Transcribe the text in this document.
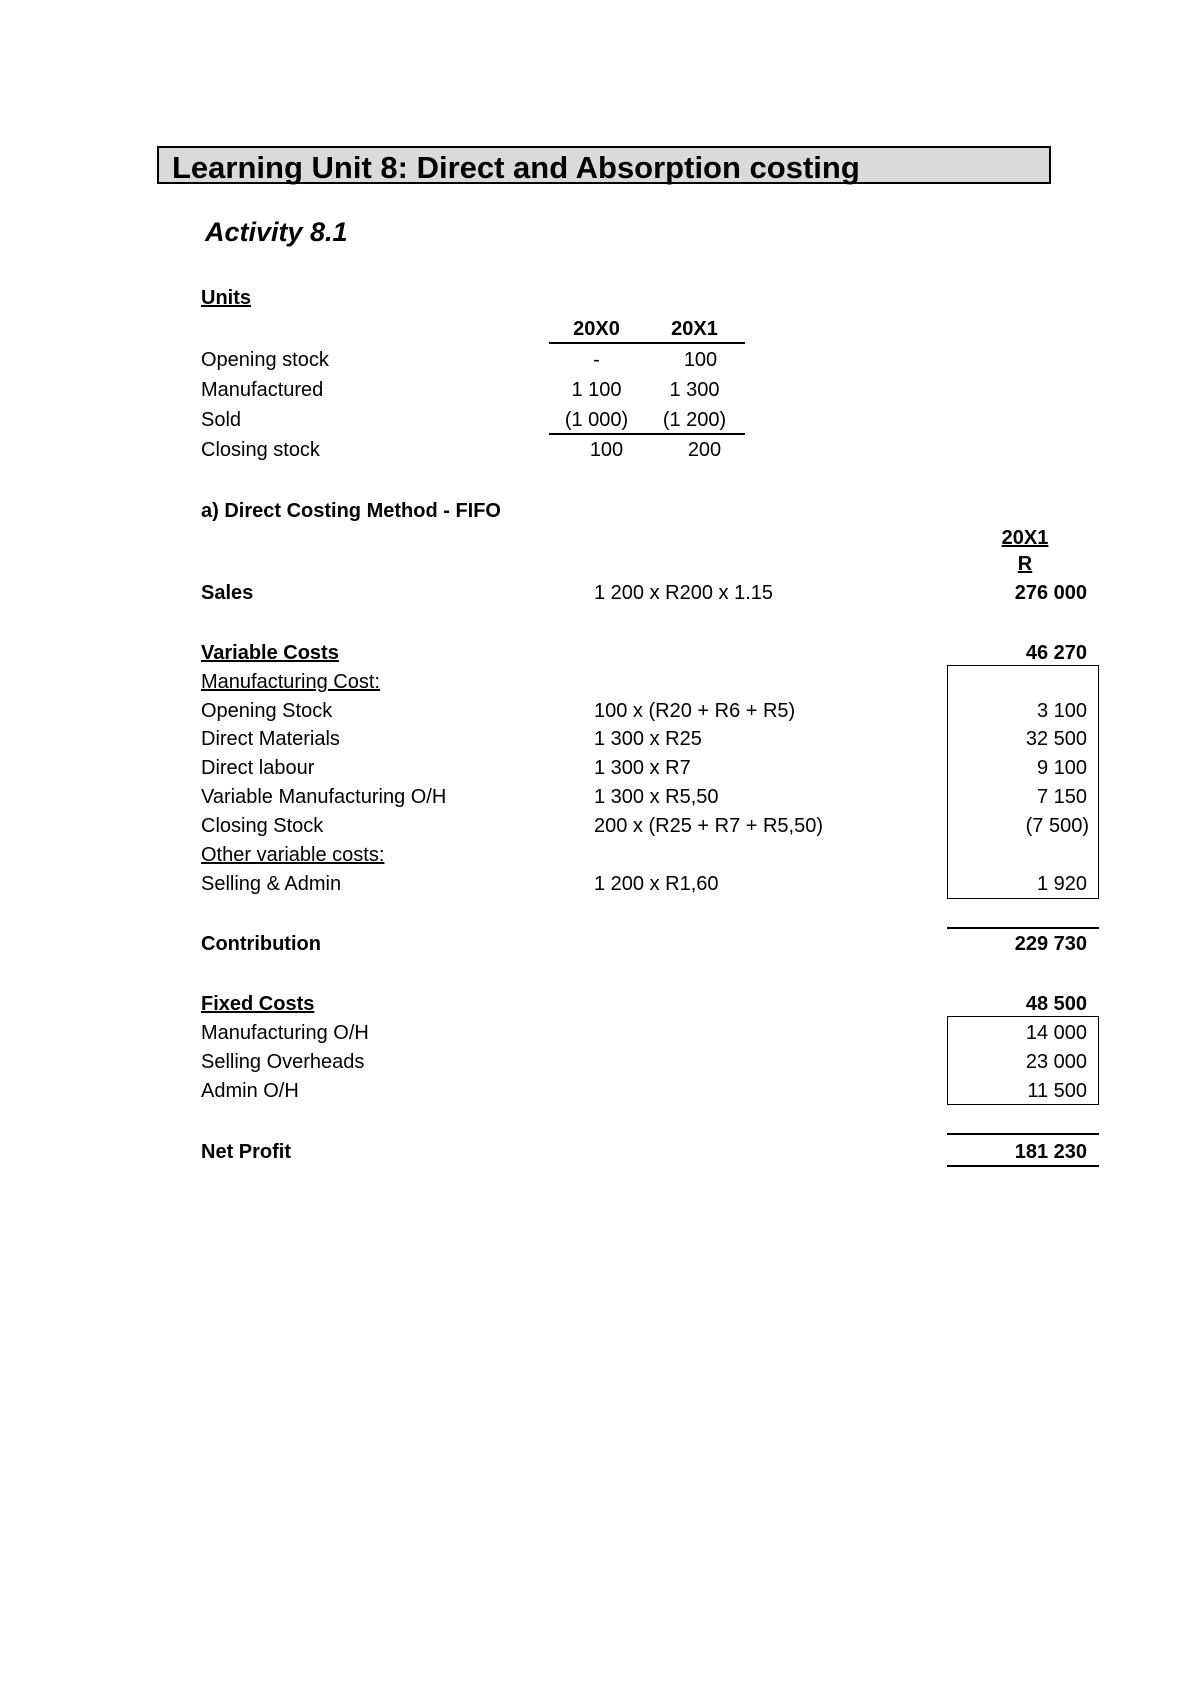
Learning Unit 8: Direct and Absorption costing
Activity 8.1
Units
20X0	20X1
Opening stock	-	100
Manufactured	1 100	1 300
Sold	(1 000)	(1 200)
Closing stock	100	200
a) Direct Costing Method - FIFO
20X1
R
Sales	1 200 x R200 x 1.15	276 000
Variable Costs	46 270
Manufacturing Cost:
Opening Stock	100 x (R20 + R6 + R5)	3 100
Direct Materials	1 300 x R25	32 500
Direct labour	1 300 x R7	9 100
Variable Manufacturing O/H	1 300 x R5,50	7 150
Closing Stock	200 x (R25 + R7 + R5,50)	(7 500)
Other variable costs:
Selling & Admin	1 200 x R1,60	1 920
Contribution	229 730
Fixed Costs	48 500
Manufacturing O/H	14 000
Selling Overheads	23 000
Admin O/H	11 500
Net Profit	181 230
